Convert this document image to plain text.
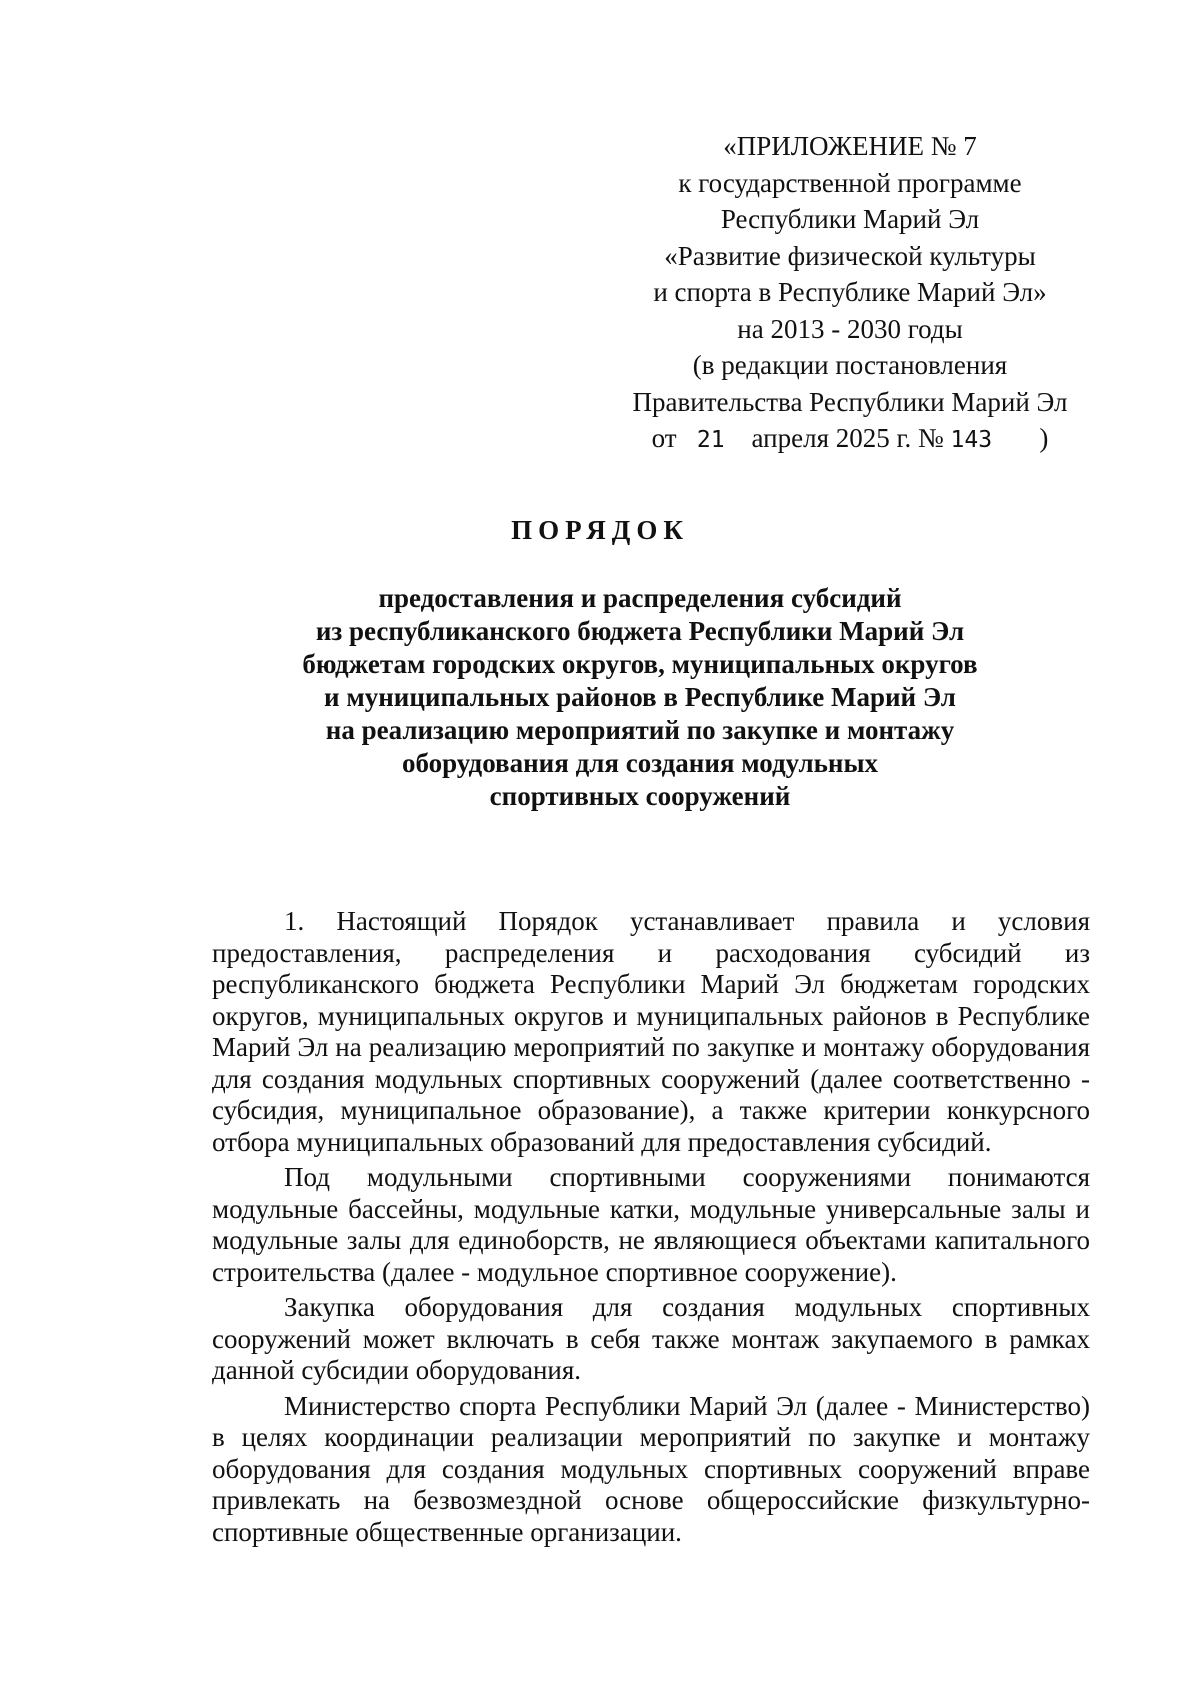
«ПРИЛОЖЕНИЕ № 7
к государственной программе
Республики Марий Эл
«Развитие физической культуры
и спорта в Республике Марий Эл»
на 2013 - 2030 годы
(в редакции постановления
Правительства Республики Марий Эл
от 21 апреля 2025 г. № 143 )
ПОРЯДОК
предоставления и распределения субсидий
из республиканского бюджета Республики Марий Эл
бюджетам городских округов, муниципальных округов
и муниципальных районов в Республике Марий Эл
на реализацию мероприятий по закупке и монтажу
оборудования для создания модульных
спортивных сооружений

1. Настоящий Порядок устанавливает правила и условия предоставления, распределения и расходования субсидий из республиканского бюджета Республики Марий Эл бюджетам городских округов, муниципальных округов и муниципальных районов в Республике Марий Эл на реализацию мероприятий по закупке и монтажу оборудования для создания модульных спортивных сооружений (далее соответственно - субсидия, муниципальное образование), а также критерии конкурсного отбора муниципальных образований для предоставления субсидий.

Под модульными спортивными сооружениями понимаются модульные бассейны, модульные катки, модульные универсальные залы и модульные залы для единоборств, не являющиеся объектами капитального строительства (далее - модульное спортивное сооружение).

Закупка оборудования для создания модульных спортивных сооружений может включать в себя также монтаж закупаемого в рамках данной субсидии оборудования.

Министерство спорта Республики Марий Эл (далее - Министерство) в целях координации реализации мероприятий по закупке и монтажу оборудования для создания модульных спортивных сооружений вправе привлекать на безвозмездной основе общероссийские физкультурно-спортивные общественные организации.
